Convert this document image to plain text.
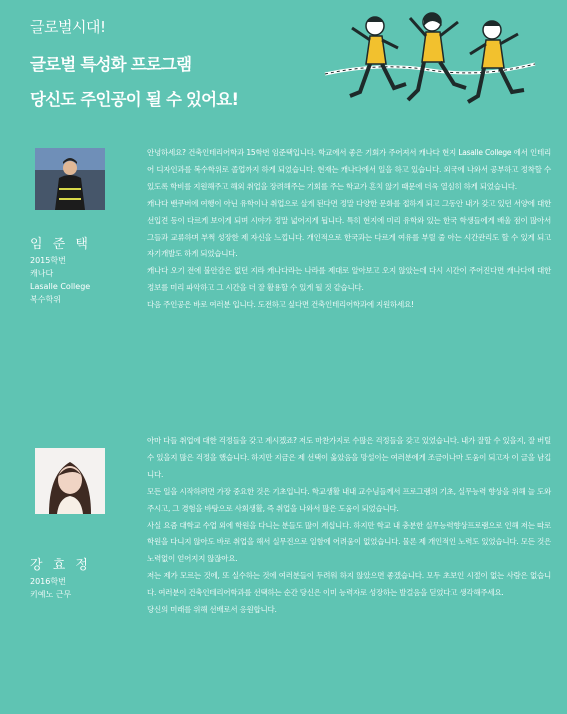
글로벌시대!
글로벌 특성화 프로그램
당신도 주인공이 될 수 있어요!
임 준 택
2015학번
캐나다
Lasalle College
복수학위

안녕하세요? 건축인테리어학과 15학번 임준택입니다. 학교에서 좋은 기회가 주어져서 캐나다 현지 Lasalle College 에서 인테리어 디자인과를 복수학위로 졸업까지 하게 되었습니다. 현재는 캐나다에서 일을 하고 있습니다. 외국에 나와서 공부하고 정착할 수 있도록 학비를 지원해주고 해외 취업을 장려해주는 기회를 주는 학교가 흔치 않기 때문에 더욱 열심히 하게 되었습니다.

캐나다 밴쿠버에 여행이 아닌 유학이나 취업으로 살게 된다면 정말 다양한 문화를 접하게 되고 그동안 내가 갖고 있던 서양에 대한 선입견 등이 다르게 보이게 되며 시야가 정말 넓어지게 됩니다. 특히 현지에 미리 유학와 있는 한국 학생들에게 배울 점이 많아서 그들과 교류하며 부쩍 성장한 제 자신을 느낍니다. 개인적으로 한국과는 다르게 여유를 부릴 줄 아는 시간관리도 할 수 있게 되고 자기개발도 하게 되었습니다.

캐나다 오기 전에 불안감은 없던 지라 캐나다라는 나라를 제대로 알아보고 오지 않았는데 다시 시간이 주어진다면 캐나다에 대한 정보를 미리 파악하고 그 시간을 더 잘 활용할 수 있게 될 것 같습니다.

다음 주인공은 바로 여러분 입니다. 도전하고 싶다면 건축인테리어학과에 지원하세요!

강 효 정
2016학번
키예노 근무

아마 다들 취업에 대한 걱정들을 갖고 계시겠죠? 저도 마찬가지로 수많은 걱정들을 갖고 있었습니다. 내가 잘할 수 있을지, 잘 버틸 수 있을지 많은 걱정을 했습니다. 하지만 지금은 제 선택이 옳았음을 망설이는 여러분에게 조금이나마 도움이 되고자 이 글을 남깁니다.

모든 일을 시작하려면 가장 중요한 것은 기초입니다. 학교생활 내내 교수님들께서 프로그램의 기초, 실무능력 향상을 위해 늘 도와주시고, 그 경험을 바탕으로 사회생활, 즉 취업을 나와서 많은 도움이 되었습니다.

사실 요즘 대학교 수업 외에 학원을 다니는 분들도 많이 계십니다. 하지만 학교 내 충분한 실무능력향상프로램으로 인해 저는 따로 학원을 다니지 않아도 바로 취업을 해서 실무진으로 일함에 어려움이 없었습니다. 물론 제 개인적인 노력도 있었습니다. 모든 것은 노력없이 얻어지지 않잖아요.

저는 제가 모르는 것에, 또 실수하는 것에 여러분들이 두려워 하지 않았으면 좋겠습니다. 모두 초보인 시절이 없는 사람은 없습니다. 여러분이 건축인테리어학과를 선택하는 순간 당신은 이미 능력자로 성장하는 발걸음을 딛었다고 생각해주세요.

당신의 미래를 위해 선배로서 응원합니다.
